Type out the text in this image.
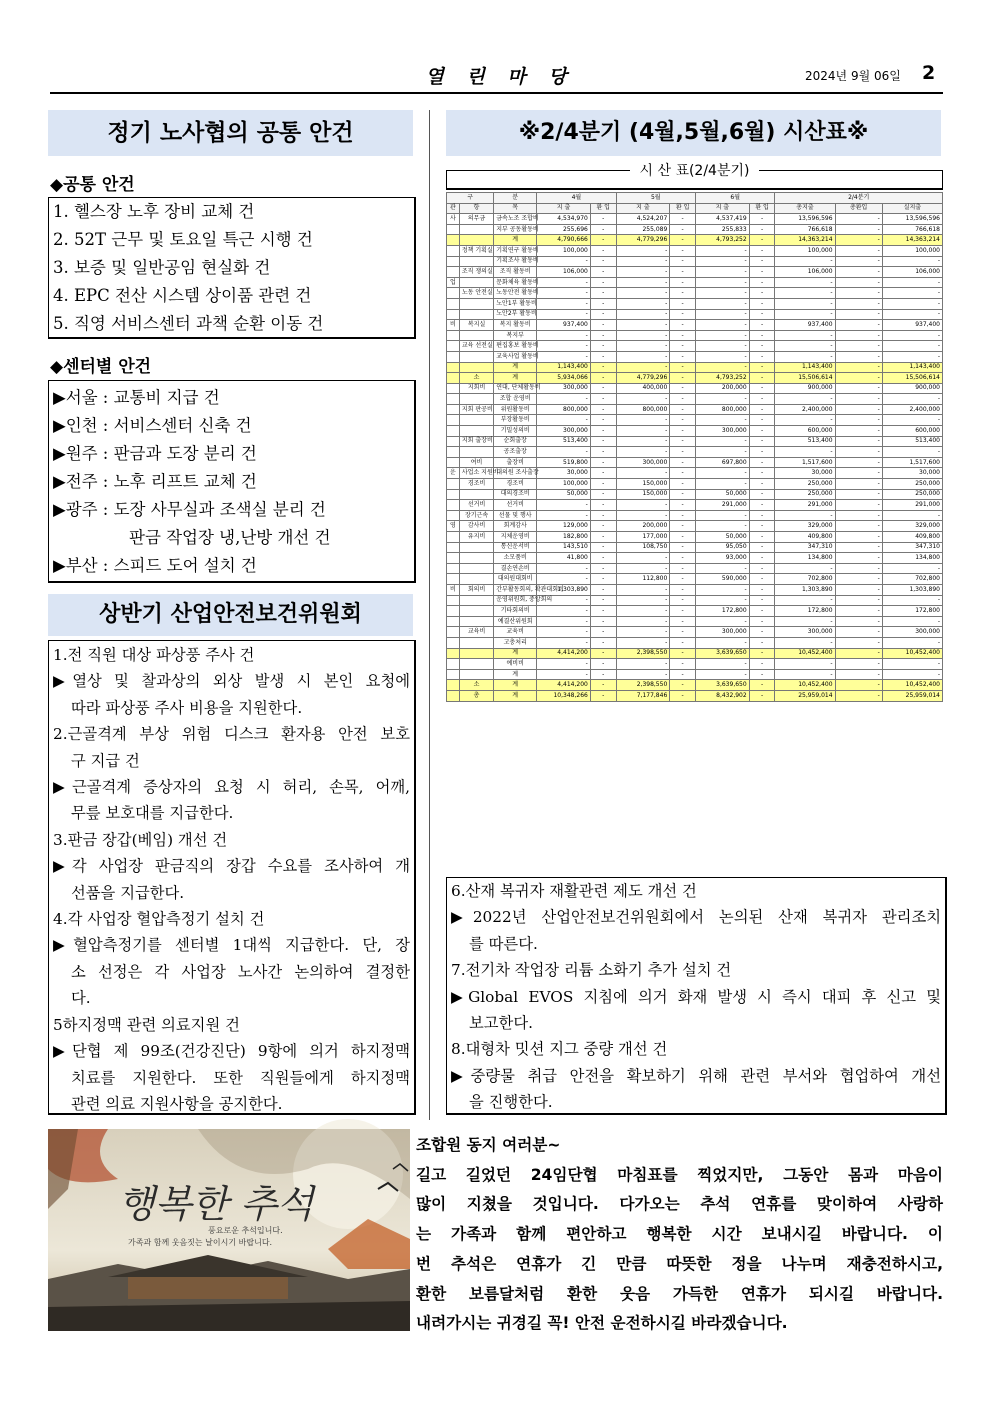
열 린 마 당	2024년 9월 06일 2
정기 노사협의 공통 안건
◆공통 안건
1. 헬스장 노후 장비 교체 건
2. 52T 근무 및 토요일 특근 시행 건
3. 보증 및 일반공임 현실화 건
4. EPC 전산 시스템 상이품 관련 건
5. 직영 서비스센터 과책 순환 이동 건
◆센터별 안건
▶서울 : 교통비 지급 건
▶인천 : 서비스센터 신축 건
▶원주 : 판금과 도장 분리 건
▶전주 : 노후 리프트 교체 건
▶광주 : 도장 사무실과 조색실 분리 건
판금 작업장 냉,난방 개선 건
▶부산 : 스피드 도어 설치 건
상반기 산업안전보건위원회
1.전 직원 대상 파상풍 주사 건
▶열상 및 찰과상의 외상 발생 시 본인 요청에
따라 파상풍 주사 비용을 지원한다.
2.근골격계 부상 위험 디스크 환자용 안전 보호
구 지급 건
▶근골격계 증상자의 요청 시 허리, 손목, 어깨,
무릎 보호대를 지급한다.
3.판금 장갑(베임) 개선 건
▶각 사업장 판금직의 장갑 수요를 조사하여 개
선품을 지급한다.
4.각 사업장 혈압측정기 설치 건
▶혈압측정기를 센터별 1대씩 지급한다. 단, 장
소 선정은 각 사업장 노사간 논의하여 결정한
다.
5하지정맥 관련 의료지원 건
▶단협 제 99조(건강진단) 9항에 의거 하지정맥
치료를 지원한다. 또한 직원들에게 하지정맥
관련 의료 지원사항을 공지한다.
※2/4분기 (4월,5월,6월) 시산표※
시 산 표(2/4분기)
구		분	4월		5월		6월		2/4분기		
관	항	목	지 출	환 입	지 출	환 입	지 출	환 입	총지출	총환입	실지출
사	의무금	금속노조 조합비	4,534,970	-	4,524,207	-	4,537,419	-	13,596,596	-	13,596,596
		지부 공동활동비	255,696	-	255,089	-	255,833	-	766,618	-	766,618
		계	4,790,666	-	4,779,296	-	4,793,252	-	14,363,214	-	14,363,214
	정책 기획실	기획연구 활동비	100,000	-	-	-	-	-	100,000	-	100,000
		기획조사 활동비	-	-	-	-	-	-	-	-	-
	조직 쟁의실	조직 활동비	106,000	-	-	-	-	-	106,000	-	106,000
업		문화체육 활동비	-	-	-	-	-	-	-	-	-
	노동 안전실	노동안전 활동비	-	-	-	-	-	-	-	-	-
		노안1부 활동비	-	-	-	-	-	-	-	-	-
		노안2부 활동비	-	-	-	-	-	-	-	-	-
비	복지실	복지 활동비	937,400	-	-	-	-	-	937,400	-	937,400
		복지부	-	-	-	-	-	-	-	-	-
	교육 선전실	편집홍보 활동비	-	-	-	-	-	-	-	-	-
		교육사업 활동비	-	-	-	-	-	-	-	-	-
		계	1,143,400	-	-	-	-	-	1,143,400	-	1,143,400
	소	계	5,934,066	-	4,779,296	-	4,793,252	-	15,506,614	-	15,506,614
	지회비	연대, 단체활동비	300,000	-	400,000	-	200,000	-	900,000	-	900,000
		조합 운영비	-	-	-	-	-	-	-	-	-
	지회 판공비	위원활동비	800,000	-	800,000	-	800,000	-	2,400,000	-	2,400,000
		부장활동비	-	-	-	-	-	-	-	-	-
		기밀성의비	300,000	-	-	-	300,000	-	600,000	-	600,000
	지회 출장비	순회출장	513,400	-	-	-	-	-	513,400	-	513,400
		공조출장	-	-	-	-	-	-	-	-	-
	여비	출장비	519,800	-	300,000	-	697,800	-	1,517,600	-	1,517,600
운	사업소 지원비	대의원 조사출장	30,000	-	-	-	-	-	30,000	-	30,000
	경조비	경조비	100,000	-	150,000	-	-	-	250,000	-	250,000
		대의경조비	50,000	-	150,000	-	50,000	-	250,000	-	250,000
	선거비	선거비	-	-	-	-	291,000	-	291,000	-	291,000
	장기근속	선물 및 행사	-	-	-	-	-	-	-	-	-
영	감사비	회계감사	129,000	-	200,000	-	-	-	329,000	-	329,000
	유지비	지체운영비	182,800	-	177,000	-	50,000	-	409,800	-	409,800
		통신운서비	143,510	-	108,750	-	95,050	-	347,310	-	347,310
		소모품비	41,800	-	-	-	93,000	-	134,800	-	134,800
		결손연손비	-	-	-	-	-	-	-	-	-
		대의원대회비	-	-	112,800	-	590,000	-	702,800	-	702,800
비	회의비	간부활동회의, 확관대회비	1,303,890	-	-	-	-	-	1,303,890	-	1,303,890
		운영위원회, 중앙회의	-	-	-	-	-	-	-	-	-
		기타회의비	-	-	-	-	172,800	-	172,800	-	172,800
		예결산위원회	-	-	-	-	-	-	-	-	-
	교육비	교육비	-	-	-	-	300,000	-	300,000	-	300,000
		고충처리	-	-	-	-	-	-	-	-	-
		계	4,414,200	-	2,398,550	-	3,639,650	-	10,452,400	-	10,452,400
		예비비	-	-	-	-	-	-	-	-	-
		계	-	-	-	-	-	-	-	-	-
	소	계	4,414,200	-	2,398,550	-	3,639,650	-	10,452,400	-	10,452,400
	총	계	10,348,266	-	7,177,846	-	8,432,902	-	25,959,014	-	25,959,014
6.산재 복귀자 재활관련 제도 개선 건
▶2022년 산업안전보건위원회에서 논의된 산재 복귀자 관리조치
를 따른다.
7.전기차 작업장 리튬 소화기 추가 설치 건
▶Global EVOS 지침에 의거 화재 발생 시 즉시 대피 후 신고 및
보고한다.
8.대형차 밋션 지그 중량 개선 건
▶중량물 취급 안전을 확보하기 위해 관련 부서와 협업하여 개선
을 진행한다.
행복한 추석
풍요로운 추석입니다.
가족과 함께 웃음짓는 날이시기 바랍니다.
조합원 동지 여러분~
길고 길었던 24임단협 마침표를 찍었지만, 그동안 몸과 마음이
많이 지쳤을 것입니다. 다가오는 추석 연휴를 맞이하여 사랑하
는 가족과 함께 편안하고 행복한 시간 보내시길 바랍니다. 이
번 추석은 연휴가 긴 만큼 따뜻한 정을 나누며 재충전하시고,
환한 보름달처럼 환한 웃음 가득한 연휴가 되시길 바랍니다.
내려가시는 귀경길 꼭! 안전 운전하시길 바라겠습니다.
